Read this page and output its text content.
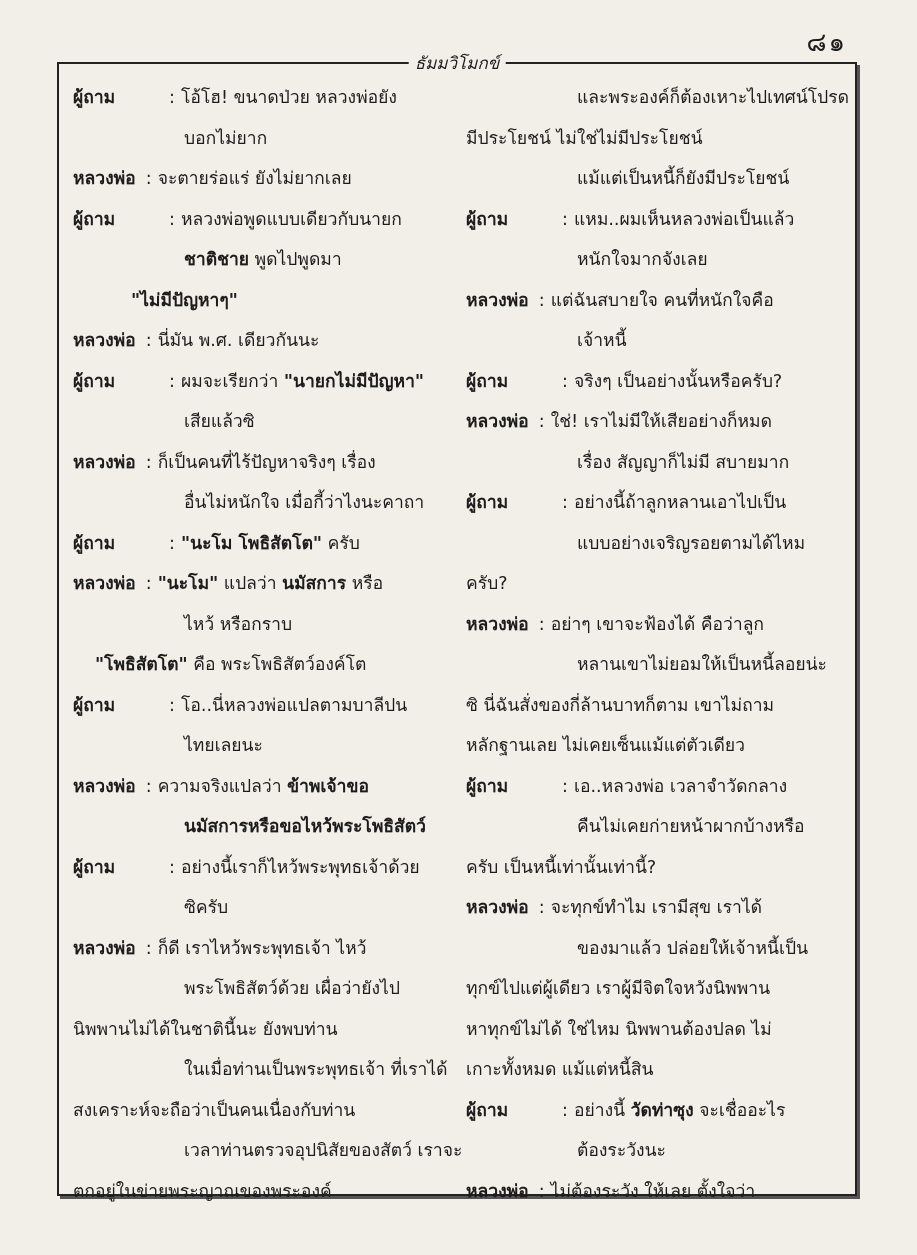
๘๑
ธัมมวิโมกข์
ผู้ถาม	: โอ้โฮ! ขนาดป่วย หลวงพ่อยัง
บอกไม่ยาก
หลวงพ่อ : จะตายร่อแร่ ยังไม่ยากเลย
ผู้ถาม	: หลวงพ่อพูดแบบเดียวกับนายก
ชาติชาย พูดไปพูดมา
"ไม่มีปัญหาๆ"
หลวงพ่อ : นี่มัน พ.ศ. เดียวกันนะ
ผู้ถาม	: ผมจะเรียกว่า "นายกไม่มีปัญหา"
เสียแล้วซิ
หลวงพ่อ : ก็เป็นคนที่ไร้ปัญหาจริงๆ เรื่อง
อื่นไม่หนักใจ เมื่อกี้ว่าไงนะคาถา
ผู้ถาม	: "นะโม โพธิสัตโต" ครับ
หลวงพ่อ : "นะโม" แปลว่า นมัสการ หรือ
ไหว้ หรือกราบ
"โพธิสัตโต" คือ พระโพธิสัตว์องค์โต
ผู้ถาม	: โอ..นี่หลวงพ่อแปลตามบาลีปน
ไทยเลยนะ
หลวงพ่อ : ความจริงแปลว่า ข้าพเจ้าขอ
นมัสการหรือขอไหว้พระโพธิสัตว์
ผู้ถาม	: อย่างนี้เราก็ไหว้พระพุทธเจ้าด้วย
ซิครับ
หลวงพ่อ : ก็ดี เราไหว้พระพุทธเจ้า ไหว้
พระโพธิสัตว์ด้วย เผื่อว่ายังไป
นิพพานไม่ได้ในชาตินี้นะ ยังพบท่าน
ในเมื่อท่านเป็นพระพุทธเจ้า ที่เราได้
สงเคราะห์จะถือว่าเป็นคนเนื่องกับท่าน
เวลาท่านตรวจอุปนิสัยของสัตว์ เราจะ
ตกอยู่ในข่ายพระญาณของพระองค์
และพระองค์ก็ต้องเหาะไปเทศน์โปรด
มีประโยชน์ ไม่ใช่ไม่มีประโยชน์
แม้แต่เป็นหนี้ก็ยังมีประโยชน์
ผู้ถาม	: แหม..ผมเห็นหลวงพ่อเป็นแล้ว
หนักใจมากจังเลย
หลวงพ่อ : แต่ฉันสบายใจ คนที่หนักใจคือ
เจ้าหนี้
ผู้ถาม	: จริงๆ เป็นอย่างนั้นหรือครับ?
หลวงพ่อ : ใช่! เราไม่มีให้เสียอย่างก็หมด
เรื่อง สัญญาก็ไม่มี สบายมาก
ผู้ถาม	: อย่างนี้ถ้าลูกหลานเอาไปเป็น
แบบอย่างเจริญรอยตามได้ไหม
ครับ?
หลวงพ่อ : อย่าๆ เขาจะฟ้องได้ คือว่าลูก
หลานเขาไม่ยอมให้เป็นหนี้ลอยน่ะ
ซิ นี่ฉันสั่งของกี่ล้านบาทก็ตาม เขาไม่ถาม
หลักฐานเลย ไม่เคยเซ็นแม้แต่ตัวเดียว
ผู้ถาม	: เอ..หลวงพ่อ เวลาจำวัดกลาง
คืนไม่เคยก่ายหน้าผากบ้างหรือ
ครับ เป็นหนี้เท่านั้นเท่านี้?
หลวงพ่อ : จะทุกข์ทำไม เรามีสุข เราได้
ของมาแล้ว ปล่อยให้เจ้าหนี้เป็น
ทุกข์ไปแต่ผู้เดียว เราผู้มีจิตใจหวังนิพพาน
หาทุกข์ไม่ได้ ใช่ไหม นิพพานต้องปลด ไม่
เกาะทั้งหมด แม้แต่หนี้สิน
ผู้ถาม	: อย่างนี้ วัดท่าซุง จะเชื่ออะไร
ต้องระวังนะ
หลวงพ่อ : ไม่ต้องระวัง ให้เลย ตั้งใจว่า
